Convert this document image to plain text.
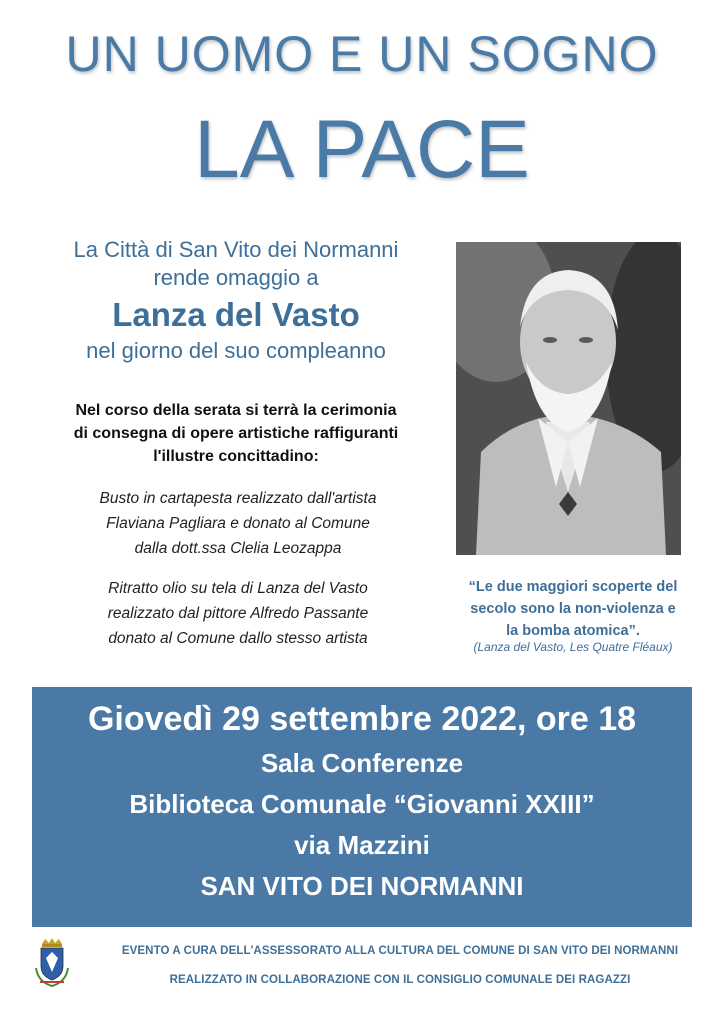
UN UOMO E UN SOGNO
LA PACE
La Città di San Vito dei Normanni
rende omaggio a
Lanza del Vasto
nel giorno del suo compleanno
Nel corso della serata si terrà la cerimonia
di consegna di opere artistiche raffiguranti
l'illustre concittadino:
Busto in cartapesta realizzato dall'artista
Flaviana Pagliara e donato al Comune
dalla dott.ssa Clelia Leozappa
Ritratto olio su tela di Lanza del Vasto
realizzato dal pittore Alfredo Passante
donato al Comune dallo stesso artista
“Le due maggiori scoperte del
secolo sono la non-violenza e
la bomba atomica”.
(Lanza del Vasto, Les Quatre Fléaux)
Giovedì 29 settembre 2022, ore 18
Sala Conferenze
Biblioteca Comunale “Giovanni XXIII”
via Mazzini
SAN VITO DEI NORMANNI
EVENTO A CURA DELL'ASSESSORATO ALLA CULTURA DEL COMUNE DI SAN VITO DEI NORMANNI
REALIZZATO IN COLLABORAZIONE CON IL CONSIGLIO COMUNALE DEI RAGAZZI
